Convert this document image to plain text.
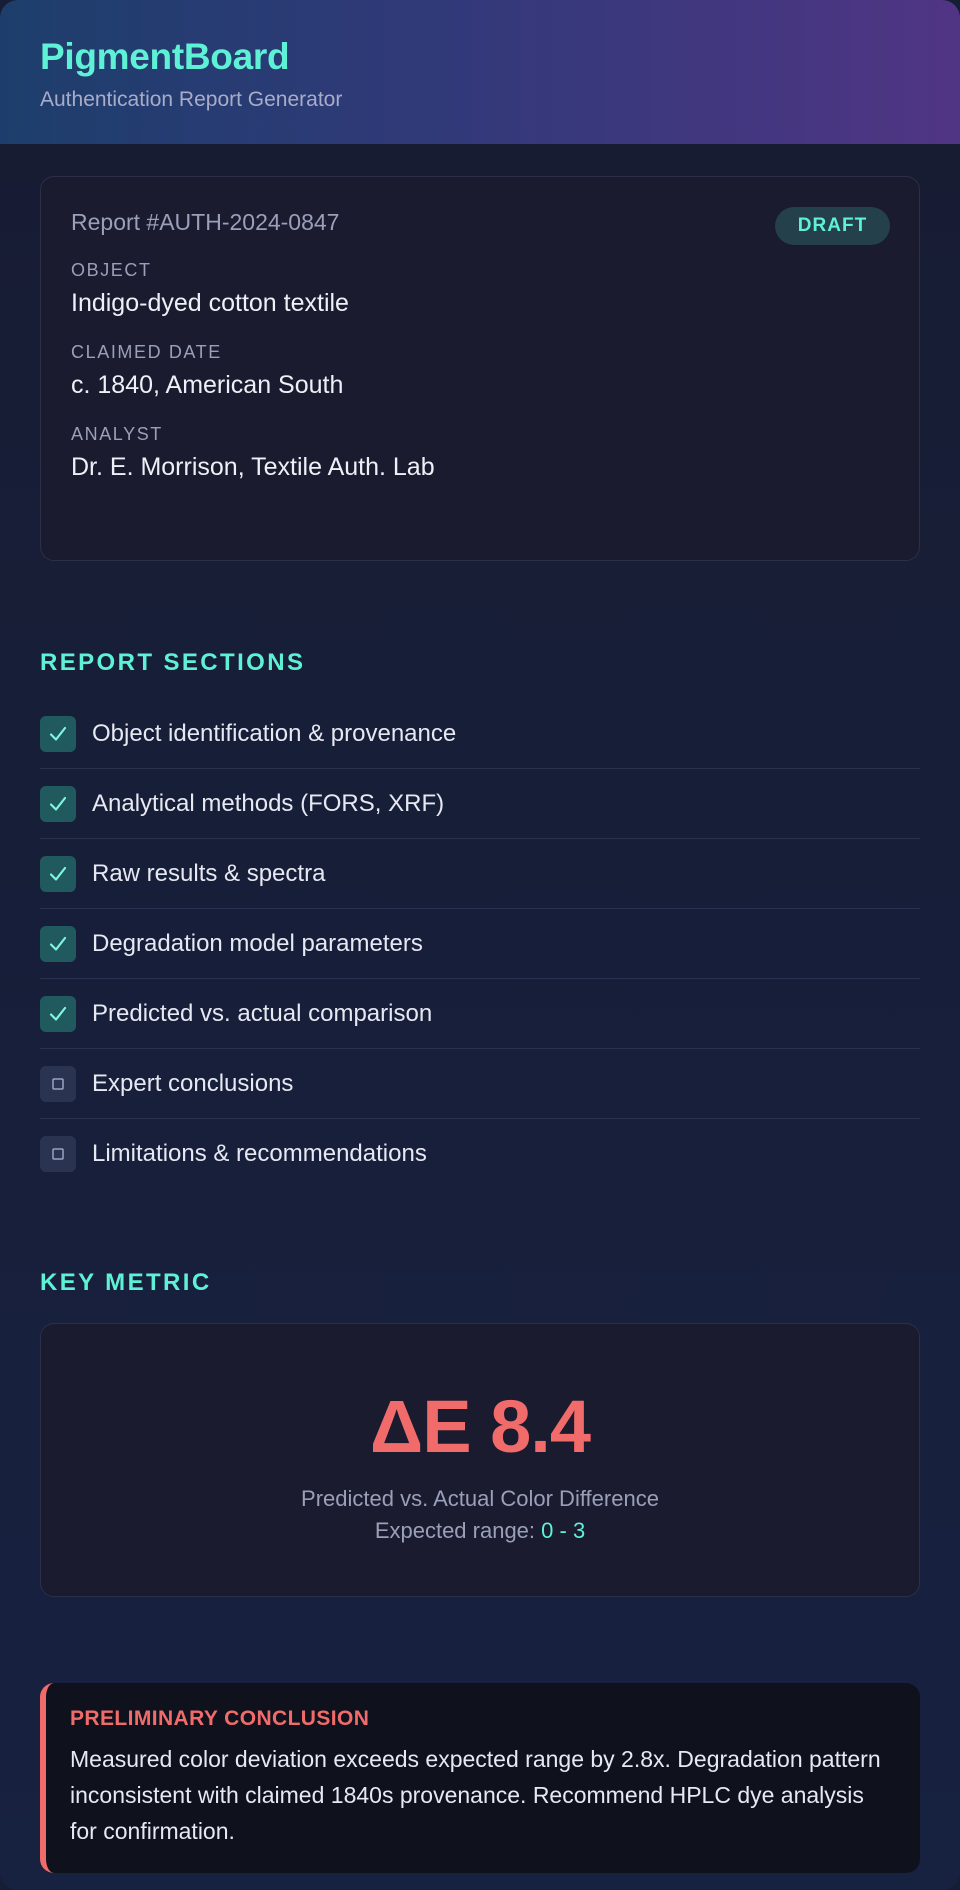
PigmentBoard
Authentication Report Generator
Report #AUTH-2024-0847	DRAFT
OBJECT
Indigo-dyed cotton textile
CLAIMED DATE
c. 1840, American South
ANALYST
Dr. E. Morrison, Textile Auth. Lab
REPORT SECTIONS
Object identification & provenance
Analytical methods (FORS, XRF)
Raw results & spectra
Degradation model parameters
Predicted vs. actual comparison
Expert conclusions
Limitations & recommendations
KEY METRIC
ΔE 8.4
Predicted vs. Actual Color Difference
Expected range: 0 - 3
PRELIMINARY CONCLUSION
Measured color deviation exceeds expected range by 2.8x. Degradation pattern inconsistent with claimed 1840s provenance. Recommend HPLC dye analysis for confirmation.
